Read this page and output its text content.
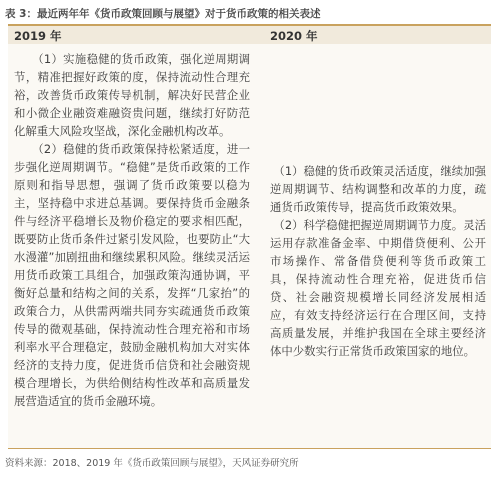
表 3：最近两年年《货币政策回顾与展望》对于货币政策的相关表述
2019 年	2020 年

（1）实施稳健的货币政策，强化逆周期调节，精准把握好政策的度，保持流动性合理充裕，改善货币政策传导机制，解决好民营企业和小微企业融资难融资贵问题，继续打好防范化解重大风险攻坚战，深化金融机构改革。

（2）稳健的货币政策保持松紧适度，进一步强化逆周期调节。“稳健”是货币政策的工作原则和指导思想，强调了货币政策要以稳为主，坚持稳中求进总基调。要保持货币金融条件与经济平稳增长及物价稳定的要求相匹配，既要防止货币条件过紧引发风险，也要防止“大水漫灌”加剧扭曲和继续累积风险。继续灵活运用货币政策工具组合，加强政策沟通协调，平衡好总量和结构之间的关系，发挥“几家抬”的政策合力，从供需两端共同夯实疏通货币政策传导的微观基础，保持流动性合理充裕和市场利率水平合理稳定，鼓励金融机构加大对实体经济的支持力度，促进货币信贷和社会融资规模合理增长，为供给侧结构性改革和高质量发展营造适宜的货币金融环境。

（1）稳健的货币政策灵活适度，继续加强逆周期调节、结构调整和改革的力度，疏通货币政策传导，提高货币政策效果。

（2）科学稳健把握逆周期调节力度。灵活运用存款准备金率、中期借贷便利、公开市场操作、常备借贷便利等货币政策工具，保持流动性合理充裕，促进货币信贷、社会融资规模增长同经济发展相适应，有效支持经济运行在合理区间，支持高质量发展，并维护我国在全球主要经济体中少数实行正常货币政策国家的地位。

资料来源：2018、2019 年《货币政策回顾与展望》，天风证券研究所
